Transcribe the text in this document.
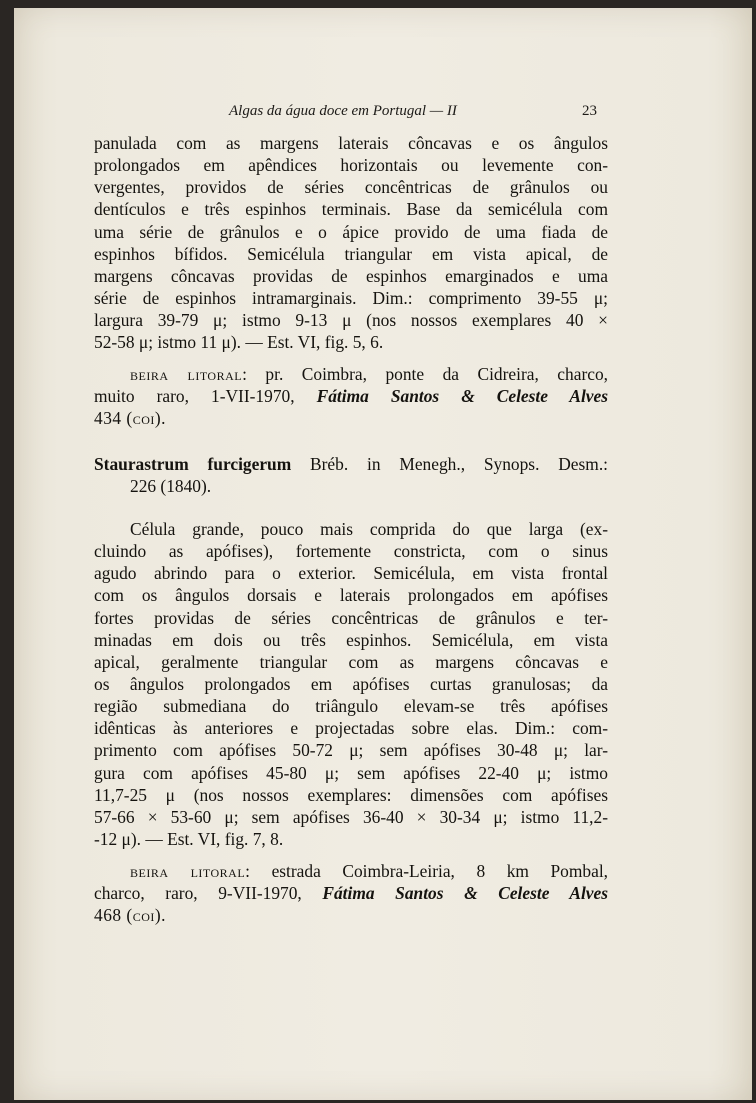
Algas da água doce em Portugal — II	23
panulada com as margens laterais côncavas e os ângulos
prolongados em apêndices horizontais ou levemente con-
vergentes, providos de séries concêntricas de grânulos ou
dentículos e três espinhos terminais. Base da semicélula com
uma série de grânulos e o ápice provido de uma fiada de
espinhos bífidos. Semicélula triangular em vista apical, de
margens côncavas providas de espinhos emarginados e uma
série de espinhos intramarginais. Dim.: comprimento 39-55 μ;
largura 39-79 μ; istmo 9-13 μ (nos nossos exemplares 40 ×
52-58 μ; istmo 11 μ). — Est. VI, fig. 5, 6.
beira litoral: pr. Coimbra, ponte da Cidreira, charco,
muito raro, 1-VII-1970, Fátima Santos & Celeste Alves
434 (coi).
Staurastrum furcigerum Bréb. in Menegh., Synops. Desm.:
226 (1840).
Célula grande, pouco mais comprida do que larga (ex-
cluindo as apófises), fortemente constricta, com o sinus
agudo abrindo para o exterior. Semicélula, em vista frontal
com os ângulos dorsais e laterais prolongados em apófises
fortes providas de séries concêntricas de grânulos e ter-
minadas em dois ou três espinhos. Semicélula, em vista
apical, geralmente triangular com as margens côncavas e
os ângulos prolongados em apófises curtas granulosas; da
região submediana do triângulo elevam-se três apófises
idênticas às anteriores e projectadas sobre elas. Dim.: com-
primento com apófises 50-72 μ; sem apófises 30-48 μ; lar-
gura com apófises 45-80 μ; sem apófises 22-40 μ; istmo
11,7-25 μ (nos nossos exemplares: dimensões com apófises
57-66 × 53-60 μ; sem apófises 36-40 × 30-34 μ; istmo 11,2-
-12 μ). — Est. VI, fig. 7, 8.
beira litoral: estrada Coimbra-Leiria, 8 km Pombal,
charco, raro, 9-VII-1970, Fátima Santos & Celeste Alves
468 (coi).
